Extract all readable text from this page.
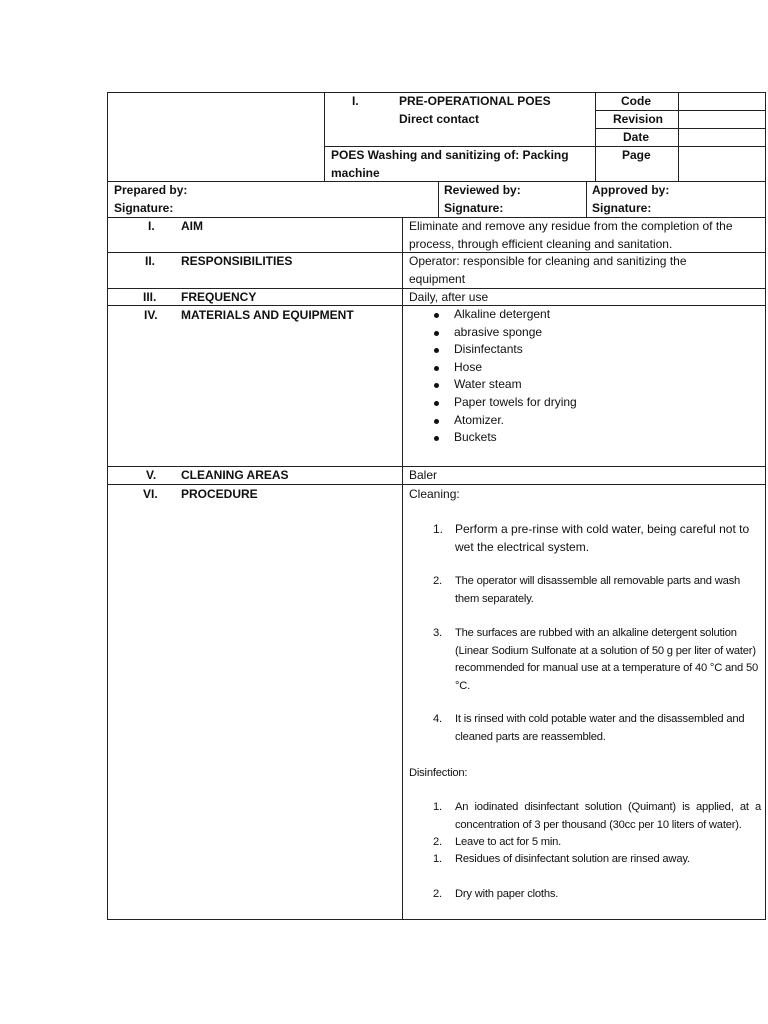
I.	PRE-OPERATIONAL POES
Direct contact
POES Washing and sanitizing of: Packing machine
Code
Revision
Date
Page
Prepared by:
Signature:
Reviewed by:
Signature:
Approved by:
Signature:
I. AIM
II. RESPONSIBILITIES
III. FREQUENCY
IV. MATERIALS AND EQUIPMENT
V. CLEANING AREAS
VI. PROCEDURE
Eliminate and remove any residue from the completion of the process, through efficient cleaning and sanitation.
Operator: responsible for cleaning and sanitizing the equipment
Daily, after use
Baler
Alkaline detergent
abrasive sponge
Disinfectants
Hose
Water steam
Paper towels for drying
Atomizer.
Buckets
Cleaning:
1. Perform a pre-rinse with cold water, being careful not to wet the electrical system.
2. The operator will disassemble all removable parts and wash them separately.
3. The surfaces are rubbed with an alkaline detergent solution (Linear Sodium Sulfonate at a solution of 50 g per liter of water) recommended for manual use at a temperature of 40 °C and 50 °C.
4. It is rinsed with cold potable water and the disassembled and cleaned parts are reassembled.
Disinfection:
1. An iodinated disinfectant solution (Quimant) is applied, at a concentration of 3 per thousand (30cc per 10 liters of water).
2. Leave to act for 5 min.
1. Residues of disinfectant solution are rinsed away.
2. Dry with paper cloths.
